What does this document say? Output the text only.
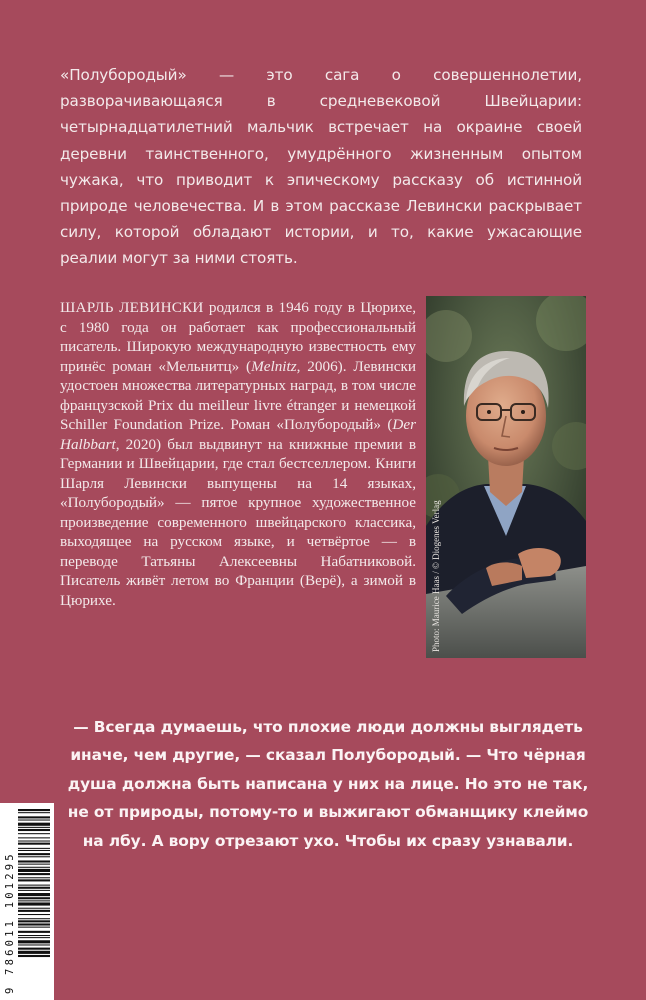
«Полубородый» — это сага о совершеннолетии, разворачивающаяся в средневековой Швейцарии: четырнадцатилетний мальчик встречает на окраине своей деревни таинственного, умудрённого жизненным опытом чужака, что приводит к эпическому рассказу об истинной природе человечества. И в этом рассказе Левински раскрывает силу, которой обладают истории, и то, какие ужасающие реалии могут за ними стоять.

ШАРЛЬ ЛЕВИНСКИ родился в 1946 году в Цюрихе, с 1980 года он работает как профессиональный писатель. Широкую международную известность ему принёс роман «Мельнитц» (Melnitz, 2006). Левински удостоен множества литературных наград, в том числе французской Prix du meilleur livre étranger и немецкой Schiller Foundation Prize. Роман «Полубородый» (Der Halbbart, 2020) был выдвинут на книжные премии в Германии и Швейцарии, где стал бестселлером. Книги Шарля Левински выпущены на 14 языках, «Полубородый» — пятое крупное художественное произведение современного швейцарского классика, выходящее на русском языке, и четвёртое — в переводе Татьяны Алексеевны Набатниковой. Писатель живёт летом во Франции (Верё), а зимой в Цюрихе.	Photo: Maurice Haas / © Diogenes Verlag

— Всегда думаешь, что плохие люди должны выглядеть иначе, чем другие, — сказал Полубородый. — Что чёрная душа должна быть написана у них на лице. Но это не так, не от природы, потому-то и выжигают обманщику клеймо на лбу. А вору отрезают ухо. Чтобы их сразу узнавали.

9 786011 101295
